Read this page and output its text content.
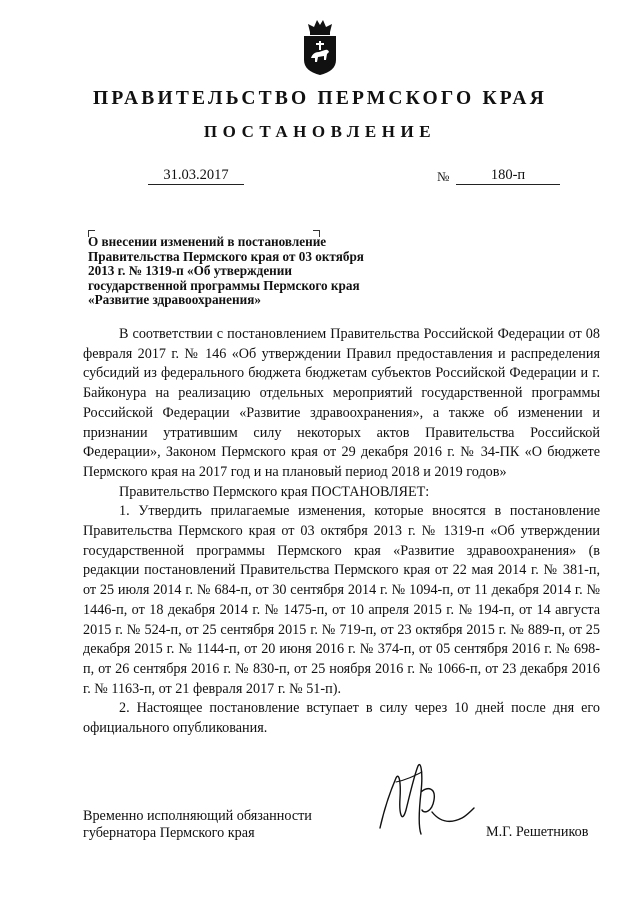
ПРАВИТЕЛЬСТВО ПЕРМСКОГО КРАЯ
ПОСТАНОВЛЕНИЕ
31.03.2017	№	180-п
О внесении изменений в постановление
Правительства Пермского края от 03 октября
2013 г. № 1319-п «Об утверждении
государственной программы Пермского края
«Развитие здравоохранения»

В соответствии с постановлением Правительства Российской Федерации от 08 февраля 2017 г. № 146 «Об утверждении Правил предоставления и распределения субсидий из федерального бюджета бюджетам субъектов Российской Федерации и г. Байконура на реализацию отдельных мероприятий государственной программы Российской Федерации «Развитие здравоохранения», а также об изменении и признании утратившим силу некоторых актов Правительства Российской Федерации», Законом Пермского края от 29 декабря 2016 г. № 34-ПК «О бюджете Пермского края на 2017 год и на плановый период 2018 и 2019 годов»

Правительство Пермского края ПОСТАНОВЛЯЕТ:

1. Утвердить прилагаемые изменения, которые вносятся в постановление Правительства Пермского края от 03 октября 2013 г. № 1319-п «Об утверждении государственной программы Пермского края «Развитие здравоохранения» (в редакции постановлений Правительства Пермского края от 22 мая 2014 г. № 381-п, от 25 июля 2014 г. № 684-п, от 30 сентября 2014 г. № 1094-п, от 11 декабря 2014 г. № 1446-п, от 18 декабря 2014 г. № 1475-п, от 10 апреля 2015 г. № 194-п, от 14 августа 2015 г. № 524-п, от 25 сентября 2015 г. № 719-п, от 23 октября 2015 г. № 889-п, от 25 декабря 2015 г. № 1144-п, от 20 июня 2016 г. № 374-п, от 05 сентября 2016 г. № 698-п, от 26 сентября 2016 г. № 830-п, от 25 ноября 2016 г. № 1066-п, от 23 декабря 2016 г. № 1163-п, от 21 февраля 2017 г. № 51-п).

2. Настоящее постановление вступает в силу через 10 дней после дня его официального опубликования.

Временно исполняющий обязанности
губернатора Пермского края	М.Г. Решетников
